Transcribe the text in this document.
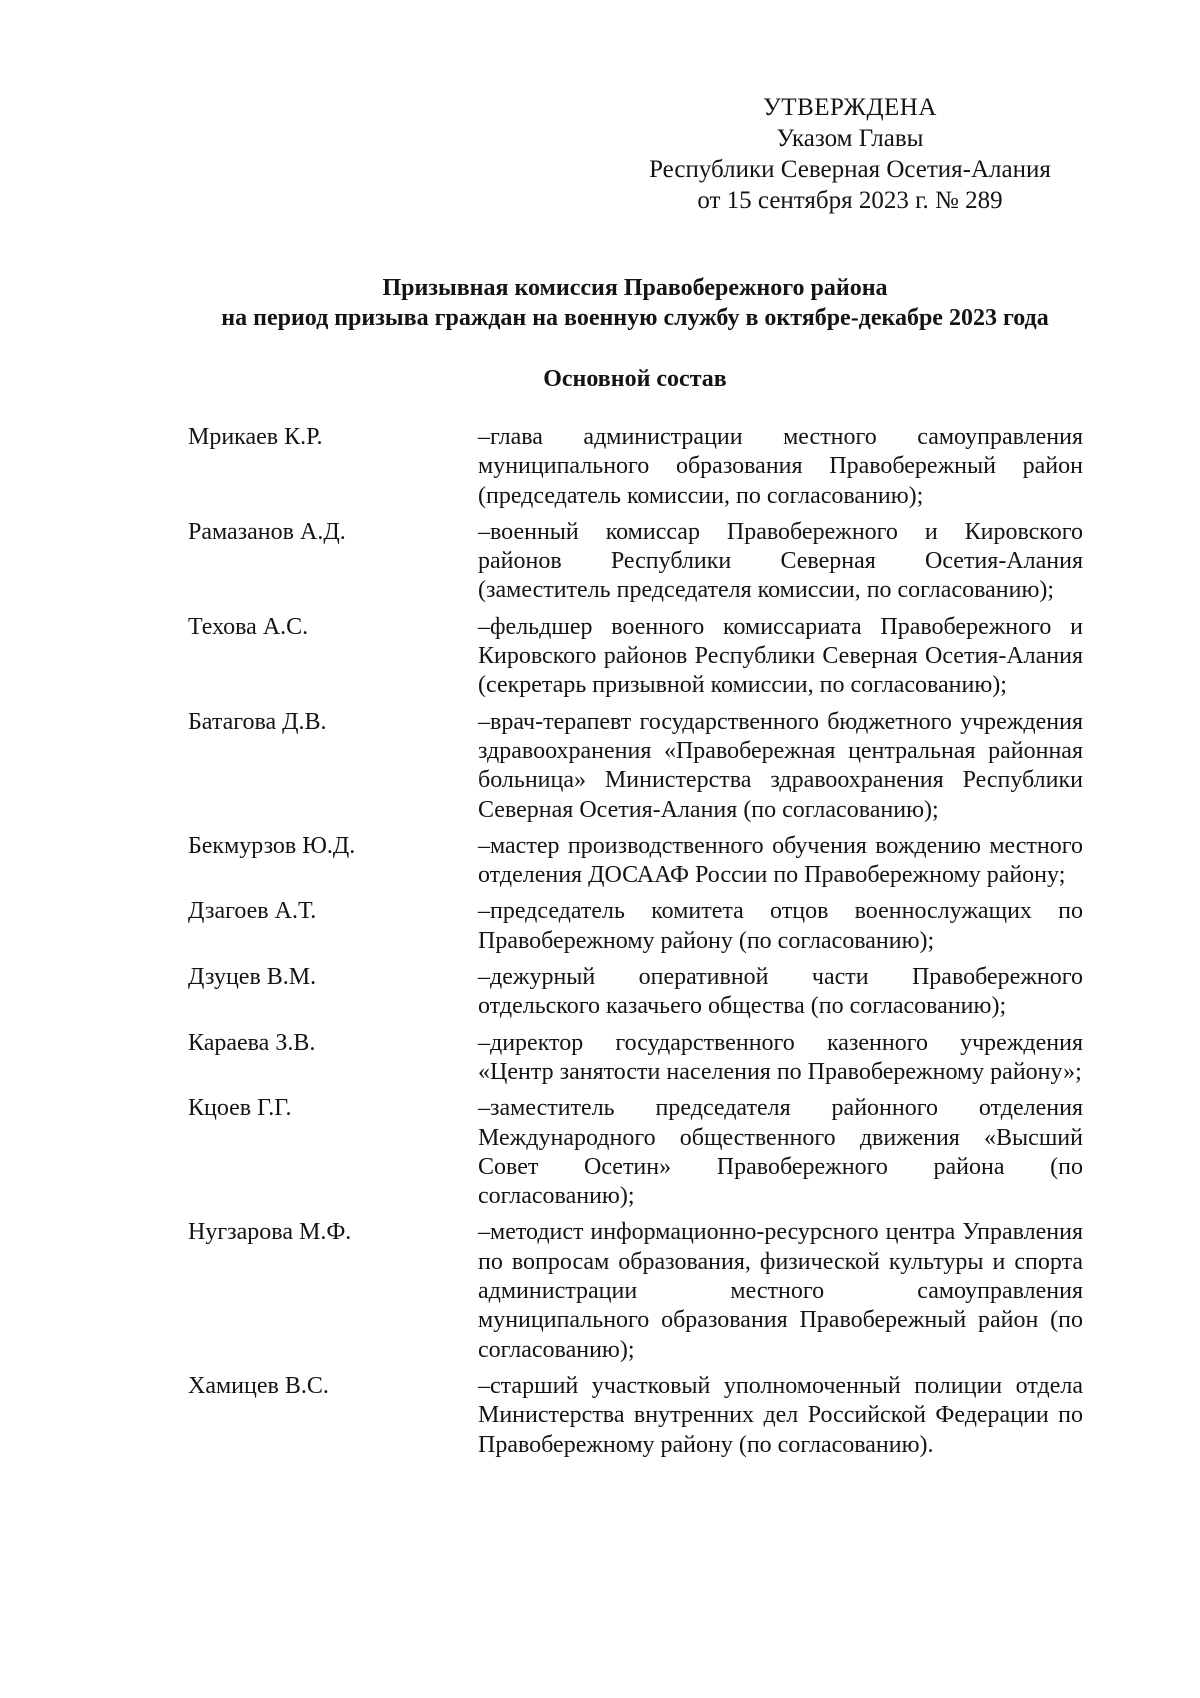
УТВЕРЖДЕНА
Указом Главы
Республики Северная Осетия-Алания
от 15 сентября 2023 г. № 289
Призывная комиссия Правобережного района
на период призыва граждан на военную службу в октябре-декабре 2023 года
Основной состав
Мрикаев К.Р.	–глава администрации местного самоуправления муниципального образования Правобережный район (председатель комиссии, по согласованию);
Рамазанов А.Д.	–военный комиссар Правобережного и Кировского районов Республики Северная Осетия-Алания (заместитель председателя комиссии, по согласованию);
Техова А.С.	–фельдшер военного комиссариата Правобережного и Кировского районов Республики Северная Осетия-Алания (секретарь призывной комиссии, по согласованию);
Батагова Д.В.	–врач-терапевт государственного бюджетного учреждения здравоохранения «Правобережная центральная районная больница» Министерства здравоохранения Республики Северная Осетия-Алания (по согласованию);
Бекмурзов Ю.Д.	–мастер производственного обучения вождению местного отделения ДОСААФ России по Правобережному району;
Дзагоев А.Т.	–председатель комитета отцов военнослужащих по Правобережному району (по согласованию);
Дзуцев В.М.	–дежурный оперативной части Правобережного отдельского казачьего общества (по согласованию);
Караева З.В.	–директор государственного казенного учреждения «Центр занятости населения по Правобережному району»;
Кцоев Г.Г.	–заместитель председателя районного отделения Международного общественного движения «Высший Совет Осетин» Правобережного района (по согласованию);
Нугзарова М.Ф.	–методист информационно-ресурсного центра Управления по вопросам образования, физической культуры и спорта администрации местного самоуправления муниципального образования Правобережный район (по согласованию);
Хамицев В.С.	–старший участковый уполномоченный полиции отдела Министерства внутренних дел Российской Федерации по Правобережному району (по согласованию).
